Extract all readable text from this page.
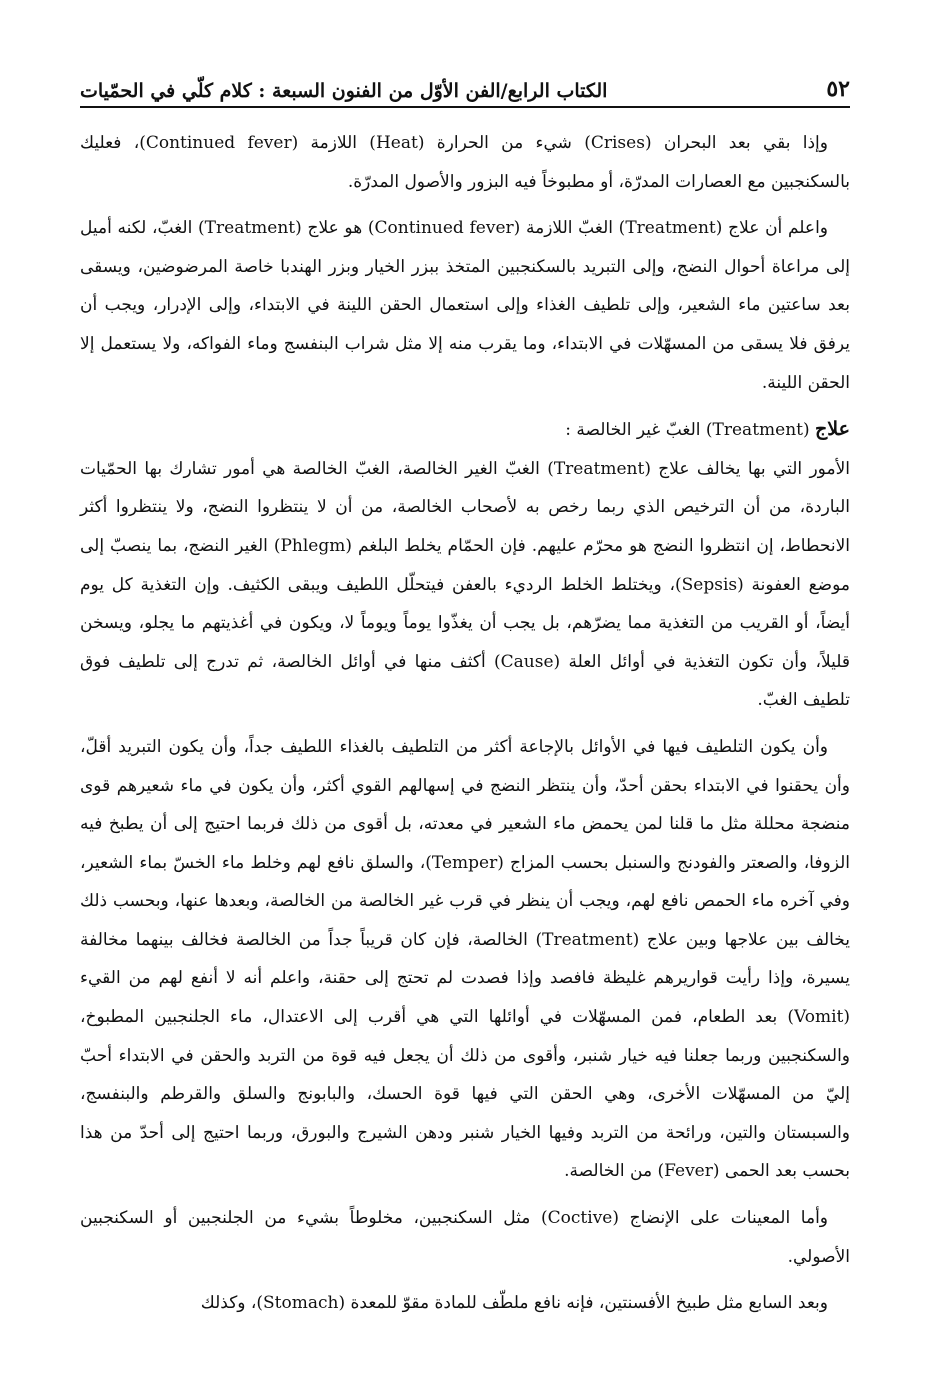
٥٢
الكتاب الرابع/الفن الأوّل من الفنون السبعة : كلام كلّي في الحمّيات

وإذا بقي بعد البحران (Crises) شيء من الحرارة (Heat) اللازمة (Continued fever)، فعليك بالسكنجبين مع العصارات المدرّة، أو مطبوخاً فيه البزور والأصول المدرّة.

واعلم أن علاج (Treatment) الغبّ اللازمة (Continued fever) هو علاج (Treatment) الغبّ، لكنه أميل إلى مراعاة أحوال النضج، وإلى التبريد بالسكنجبين المتخذ ببزر الخيار وبزر الهندبا خاصة المرضوضين، ويسقى بعد ساعتين ماء الشعير، وإلى تلطيف الغذاء وإلى استعمال الحقن اللينة في الابتداء، وإلى الإدرار، ويجب أن يرفق فلا يسقى من المسهّلات في الابتداء، وما يقرب منه إلا مثل شراب البنفسج وماء الفواكه، ولا يستعمل إلا الحقن اللينة.

علاج (Treatment) الغبّ غير الخالصة :

الأمور التي بها يخالف علاج (Treatment) الغبّ الغير الخالصة، الغبّ الخالصة هي أمور تشارك بها الحمّيات الباردة، من أن الترخيص الذي ربما رخص به لأصحاب الخالصة، من أن لا ينتظروا النضج، ولا ينتظروا أكثر الانحطاط، إن انتظروا النضج هو محرّم عليهم. فإن الحمّام يخلط البلغم (Phlegm) الغير النضج، بما ينصبّ إلى موضع العفونة (Sepsis)، ويختلط الخلط الرديء بالعفن فيتحلّل اللطيف ويبقى الكثيف. وإن التغذية كل يوم أيضاً، أو القريب من التغذية مما يضرّهم، بل يجب أن يغذّوا يوماً ويوماً لا، ويكون في أغذيتهم ما يجلو، ويسخن قليلاً، وأن تكون التغذية في أوائل العلة (Cause) أكثف منها في أوائل الخالصة، ثم تدرج إلى تلطيف فوق تلطيف الغبّ.

وأن يكون التلطيف فيها في الأوائل بالإجاعة أكثر من التلطيف بالغذاء اللطيف جداً، وأن يكون التبريد أقلّ، وأن يحقنوا في الابتداء بحقن أحدّ، وأن ينتظر النضج في إسهالهم القوي أكثر، وأن يكون في ماء شعيرهم قوى منضجة محللة مثل ما قلنا لمن يحمض ماء الشعير في معدته، بل أقوى من ذلك فربما احتيج إلى أن يطبخ فيه الزوفا، والصعتر والفودنج والسنبل بحسب المزاج (Temper)، والسلق نافع لهم وخلط ماء الخسّ بماء الشعير، وفي آخره ماء الحمص نافع لهم، ويجب أن ينظر في قرب غير الخالصة من الخالصة، وبعدها عنها، وبحسب ذلك يخالف بين علاجها وبين علاج (Treatment) الخالصة، فإن كان قريباً جداً من الخالصة فخالف بينهما مخالفة يسيرة، وإذا رأيت قواريرهم غليظة فافصد وإذا فصدت لم تحتج إلى حقنة، واعلم أنه لا أنفع لهم من القيء (Vomit) بعد الطعام، فمن المسهّلات في أوائلها التي هي أقرب إلى الاعتدال، ماء الجلنجبين المطبوخ، والسكنجبين وربما جعلنا فيه خيار شنبر، وأقوى من ذلك أن يجعل فيه قوة من التربد والحقن في الابتداء أحبّ إليّ من المسهّلات الأخرى، وهي الحقن التي فيها قوة الحسك، والبابونج والسلق والقرطم والبنفسج، والسبستان والتين، ورائحة من التربد وفيها الخيار شنبر ودهن الشيرج والبورق، وربما احتيج إلى أحدّ من هذا بحسب بعد الحمى (Fever) من الخالصة.

وأما المعينات على الإنضاج (Coctive) مثل السكنجبين، مخلوطاً بشيء من الجلنجبين أو السكنجبين الأصولي.

وبعد السابع مثل طبيخ الأفسنتين، فإنه نافع ملطّف للمادة مقوّ للمعدة (Stomach)، وكذلك
